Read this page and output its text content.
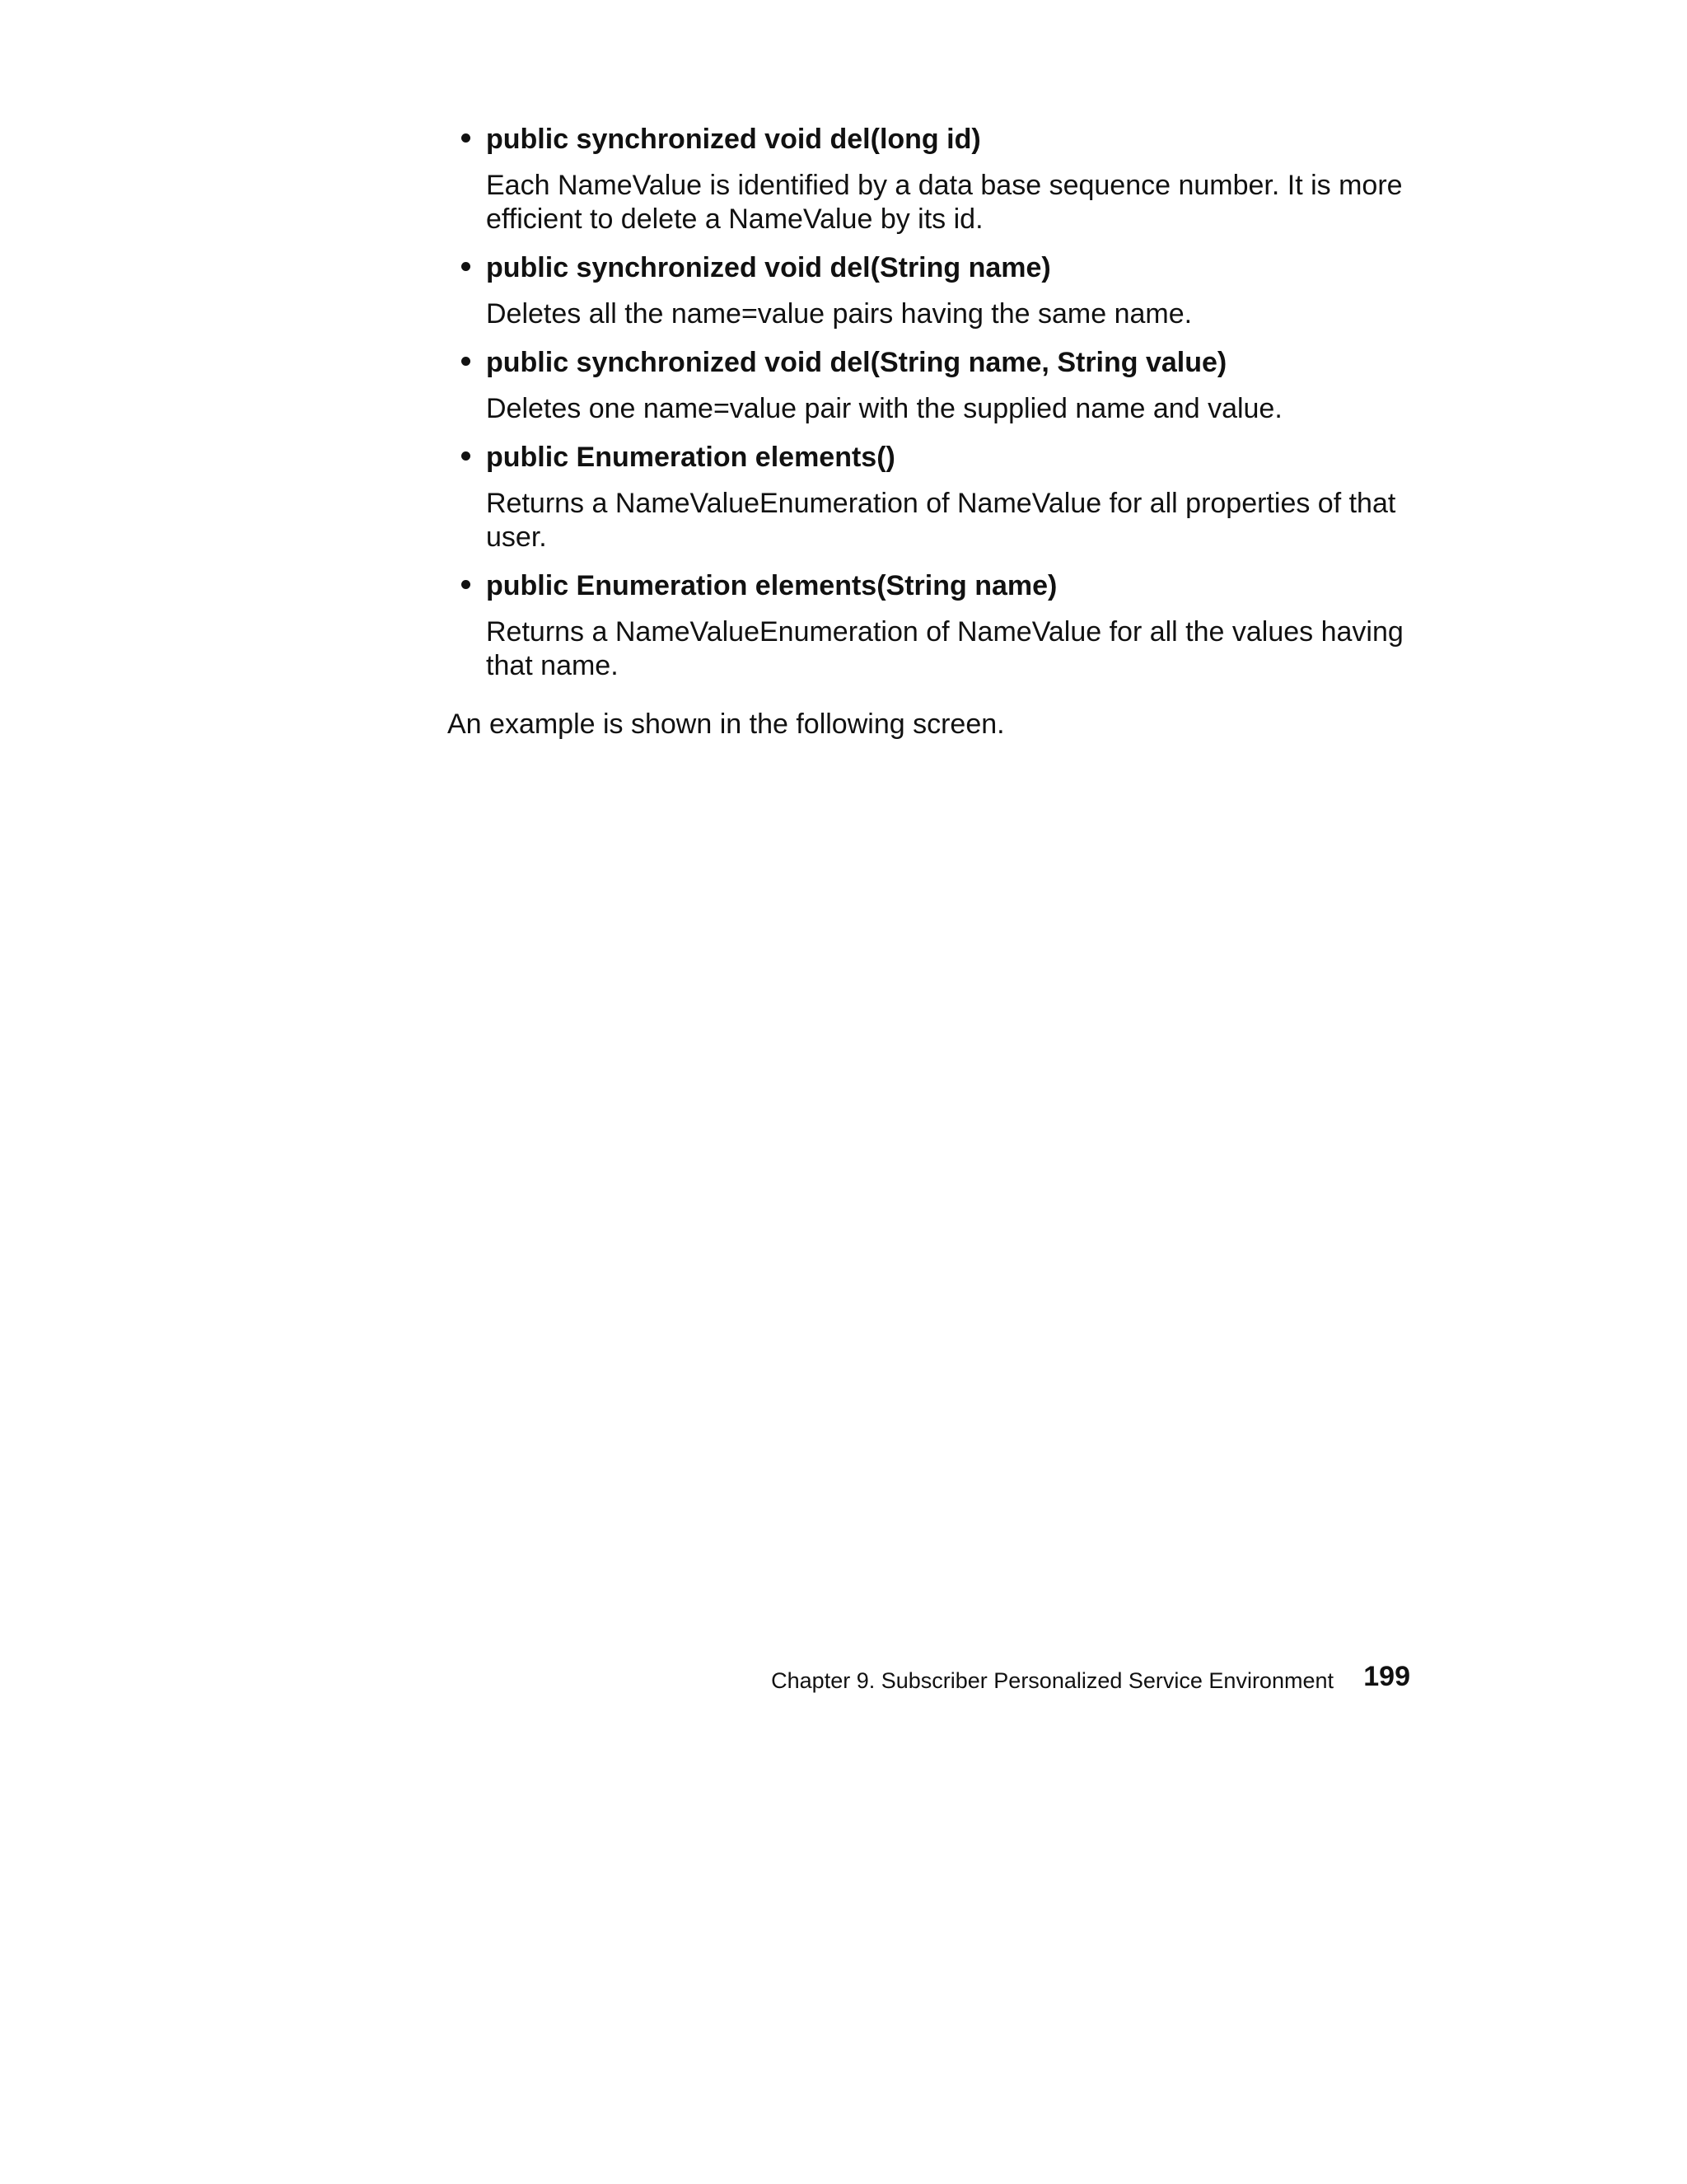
public synchronized void del(long id)

Each NameValue is identified by a data base sequence number. It is more efficient to delete a NameValue by its id.

public synchronized void del(String name)

Deletes all the name=value pairs having the same name.

public synchronized void del(String name, String value)

Deletes one name=value pair with the supplied name and value.

public Enumeration elements()

Returns a NameValueEnumeration of NameValue for all properties of that user.

public Enumeration elements(String name)

Returns a NameValueEnumeration of NameValue for all the values having that name.

An example is shown in the following screen.

Chapter 9. Subscriber Personalized Service Environment 199
